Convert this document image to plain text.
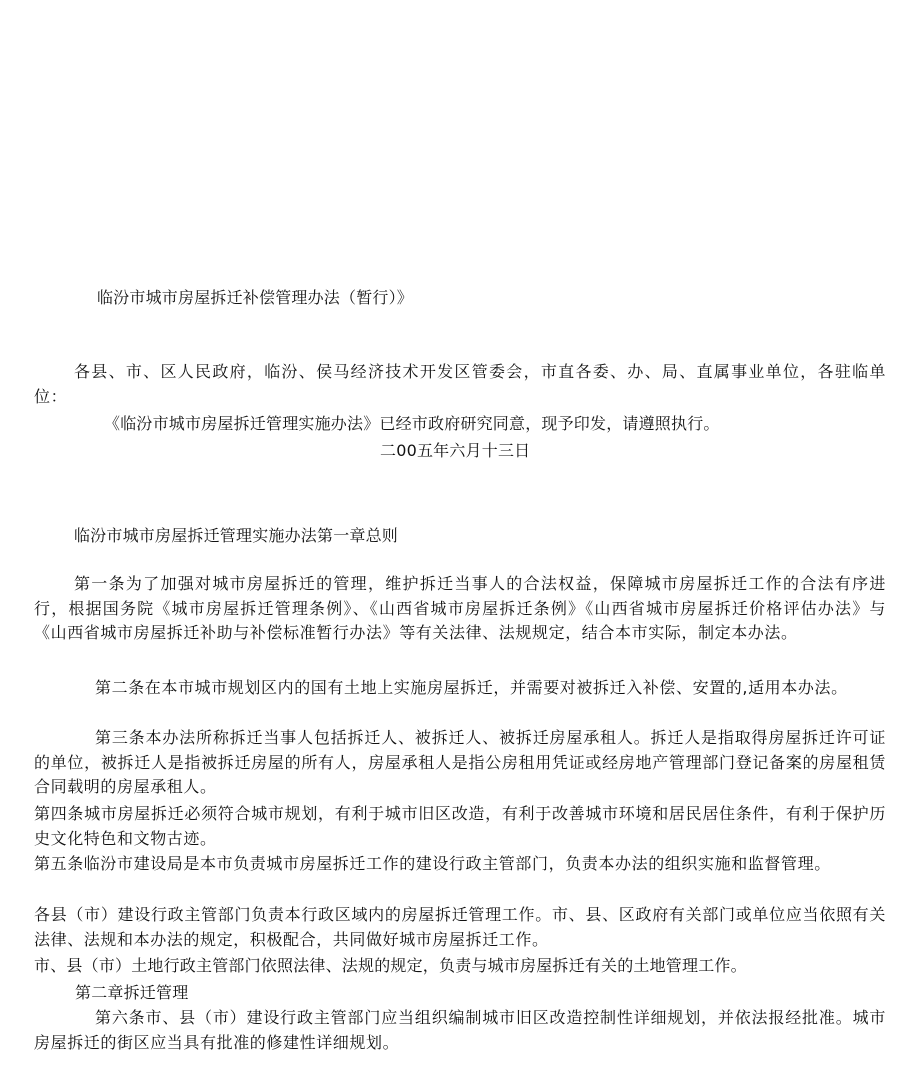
临汾市城市房屋拆迁补偿管理办法（暂行）》
各县、市、区人民政府，临汾、侯马经济技术开发区管委会，市直各委、办、局、直属事业单位，各驻临单位：
《临汾市城市房屋拆迁管理实施办法》已经市政府研究同意，现予印发，请遵照执行。
二00五年六月十三日
临汾市城市房屋拆迁管理实施办法第一章总则
第一条为了加强对城市房屋拆迁的管理，维护拆迁当事人的合法权益，保障城市房屋拆迁工作的合法有序进行，根据国务院《城市房屋拆迁管理条例》、《山西省城市房屋拆迁条例》《山西省城市房屋拆迁价格评估办法》与《山西省城市房屋拆迁补助与补偿标准暂行办法》等有关法律、法规规定，结合本市实际，制定本办法。
第二条在本市城市规划区内的国有土地上实施房屋拆迁，并需要对被拆迁入补偿、安置的,适用本办法。
第三条本办法所称拆迁当事人包括拆迁人、被拆迁人、被拆迁房屋承租人。拆迁人是指取得房屋拆迁许可证的单位，被拆迁人是指被拆迁房屋的所有人，房屋承租人是指公房租用凭证或经房地产管理部门登记备案的房屋租赁合同载明的房屋承租人。
第四条城市房屋拆迁必须符合城市规划，有利于城市旧区改造，有利于改善城市环境和居民居住条件，有利于保护历史文化特色和文物古迹。
第五条临汾市建设局是本市负责城市房屋拆迁工作的建设行政主管部门，负责本办法的组织实施和监督管理。
各县（市）建设行政主管部门负责本行政区域内的房屋拆迁管理工作。市、县、区政府有关部门或单位应当依照有关法律、法规和本办法的规定，积极配合，共同做好城市房屋拆迁工作。
市、县（市）土地行政主管部门依照法律、法规的规定，负责与城市房屋拆迁有关的土地管理工作。
第二章拆迁管理
第六条市、县（市）建设行政主管部门应当组织编制城市旧区改造控制性详细规划，并依法报经批准。城市房屋拆迁的街区应当具有批准的修建性详细规划。
